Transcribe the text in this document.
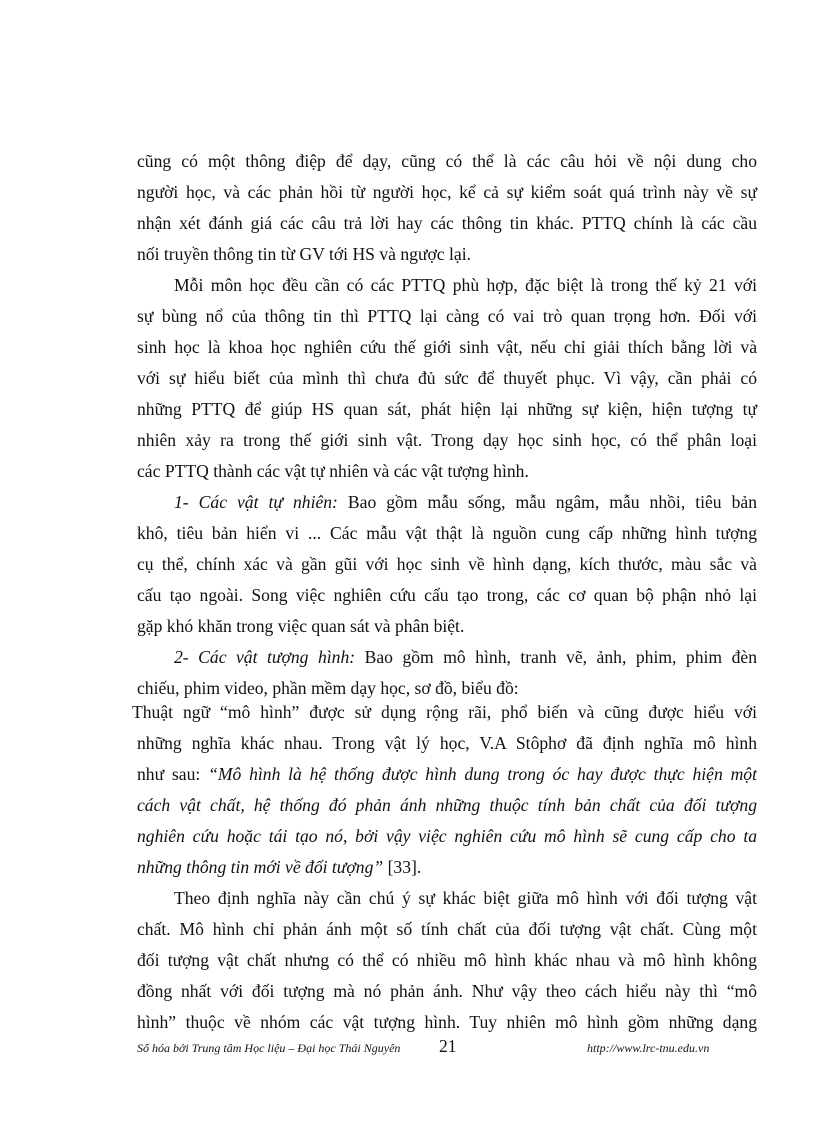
cũng có một thông điệp để dạy, cũng có thể là các câu hỏi về nội dung cho
người học, và các phản hồi từ người học, kể cả sự kiểm soát quá trình này về sự
nhận xét đánh giá các câu trả lời hay các thông tin khác. PTTQ chính là các cầu
nối truyền thông tin từ GV tới HS và ngược lại.
Mỗi môn học đều cần có các PTTQ phù hợp, đặc biệt là trong thế kỷ 21 với
sự bùng nổ của thông tin thì PTTQ lại càng có vai trò quan trọng hơn. Đối với
sinh học là khoa học nghiên cứu thế giới sinh vật, nếu chỉ giải thích bằng lời và
với sự hiểu biết của mình thì chưa đủ sức để thuyết phục. Vì vậy, cần phải có
những PTTQ để giúp HS quan sát, phát hiện lại những sự kiện, hiện tượng tự
nhiên xảy ra trong thế giới sinh vật. Trong dạy học sinh học, có thể phân loại
các PTTQ thành các vật tự nhiên và các vật tượng hình.
1- Các vật tự nhiên: Bao gồm mẫu sống, mẫu ngâm, mẫu nhồi, tiêu bản
khô, tiêu bản hiển vi ... Các mẫu vật thật là nguồn cung cấp những hình tượng
cụ thể, chính xác và gần gũi với học sinh về hình dạng, kích thước, màu sắc và
cấu tạo ngoài. Song việc nghiên cứu cấu tạo trong, các cơ quan bộ phận nhỏ lại
gặp khó khăn trong việc quan sát và phân biệt.
2- Các vật tượng hình: Bao gồm mô hình, tranh vẽ, ảnh, phim, phim đèn
chiếu, phim video, phần mềm dạy học, sơ đồ, biểu đồ:
Thuật ngữ “mô hình” được sử dụng rộng rãi, phổ biến và cũng được hiểu với
những nghĩa khác nhau. Trong vật lý học, V.A Stôphơ đã định nghĩa mô hình
như sau: “Mô hình là hệ thống được hình dung trong óc hay được thực hiện một
cách vật chất, hệ thống đó phản ánh những thuộc tính bản chất của đối tượng
nghiên cứu hoặc tái tạo nó, bởi vậy việc nghiên cứu mô hình sẽ cung cấp cho ta
những thông tin mới về đối tượng” [33].
Số hóa bởi Trung tâm Học liệu – Đại học Thái Nguyên 21	http://www.lrc-tnu.edu.vn
Theo định nghĩa này cần chú ý sự khác biệt giữa mô hình với đối tượng vật
chất. Mô hình chỉ phản ánh một số tính chất của đối tượng vật chất. Cùng một
đối tượng vật chất nhưng có thể có nhiều mô hình khác nhau và mô hình không
đồng nhất với đối tượng mà nó phản ánh. Như vậy theo cách hiểu này thì “mô
hình” thuộc về nhóm các vật tượng hình. Tuy nhiên mô hình gồm những dạng
